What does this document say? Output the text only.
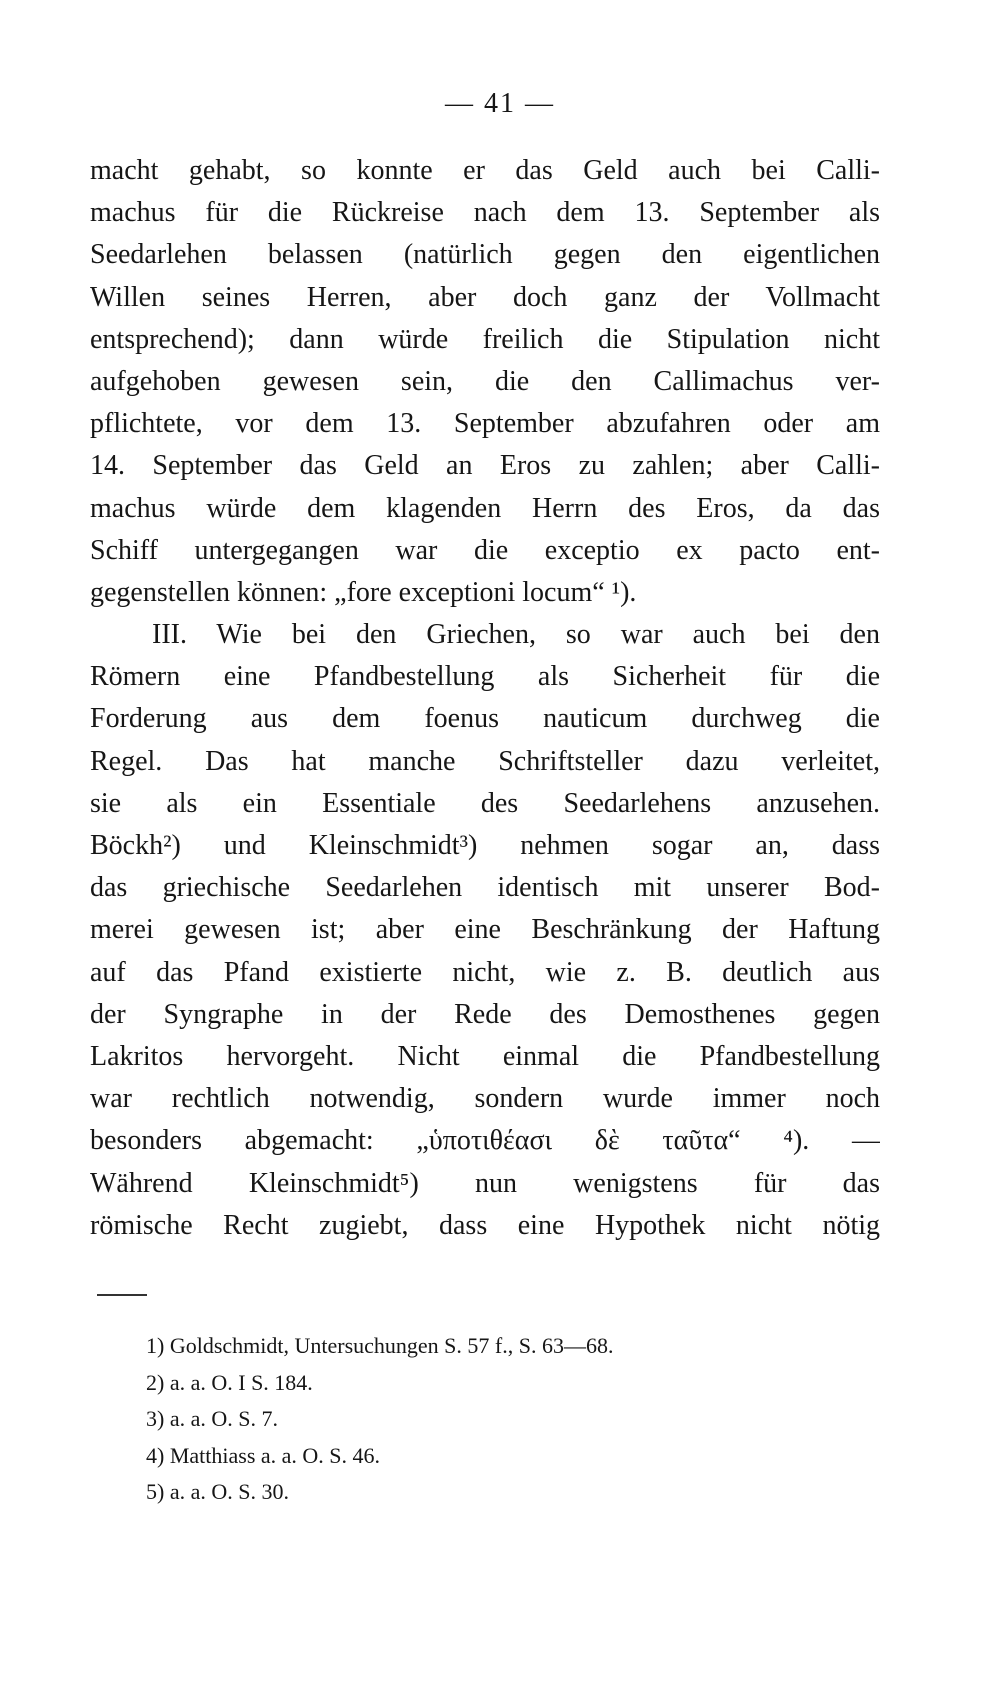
— 41 —
macht gehabt, so konnte er das Geld auch bei Calli-
machus für die Rückreise nach dem 13. September als
Seedarlehen belassen (natürlich gegen den eigentlichen
Willen seines Herren, aber doch ganz der Vollmacht
entsprechend); dann würde freilich die Stipulation nicht
aufgehoben gewesen sein, die den Callimachus ver-
pflichtete, vor dem 13. September abzufahren oder am
14. September das Geld an Eros zu zahlen; aber Calli-
machus würde dem klagenden Herrn des Eros, da das
Schiff untergegangen war die exceptio ex pacto ent-
gegenstellen können: „fore exceptioni locum“ ¹).
III. Wie bei den Griechen, so war auch bei den
Römern eine Pfandbestellung als Sicherheit für die
Forderung aus dem foenus nauticum durchweg die
Regel. Das hat manche Schriftsteller dazu verleitet,
sie als ein Essentiale des Seedarlehens anzusehen.
Böckh²) und Kleinschmidt³) nehmen sogar an, dass
das griechische Seedarlehen identisch mit unserer Bod-
merei gewesen ist; aber eine Beschränkung der Haftung
auf das Pfand existierte nicht, wie z. B. deutlich aus
der Syngraphe in der Rede des Demosthenes gegen
Lakritos hervorgeht. Nicht einmal die Pfandbestellung
war rechtlich notwendig, sondern wurde immer noch
besonders abgemacht: „ὑποτιθέασι δὲ ταῦτα“ ⁴). —
Während Kleinschmidt⁵) nun wenigstens für das
römische Recht zugiebt, dass eine Hypothek nicht nötig
1) Goldschmidt, Untersuchungen S. 57 f., S. 63—68.
2) a. a. O. I S. 184.
3) a. a. O. S. 7.
4) Matthiass a. a. O. S. 46.
5) a. a. O. S. 30.
